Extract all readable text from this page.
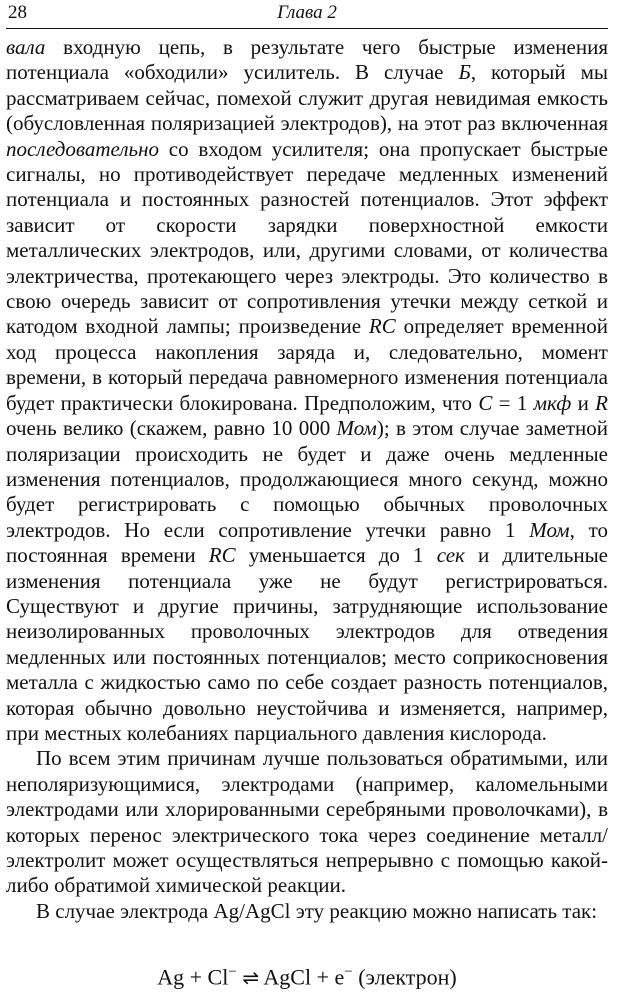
28	Глава 2

вала входную цепь, в результате чего быстрые изменения потенциала «обходили» усилитель. В случае Б, который мы рассматриваем сейчас, помехой служит другая невидимая емкость (обусловленная поляризацией электродов), на этот раз включенная последовательно со входом усилителя; она пропускает быстрые сигналы, но противодействует передаче медленных изменений потенциала и постоянных разностей потенциалов. Этот эффект зависит от скорости зарядки поверхностной емкости металлических электродов, или, другими словами, от количества электричества, протекающего через электроды. Это количество в свою очередь зависит от сопротивления утечки между сеткой и катодом входной лампы; произведение RC определяет временной ход процесса накопления заряда и, следовательно, момент времени, в который передача равномерного изменения потенциала будет практически блокирована. Предположим, что C = 1 мкф и R очень велико (скажем, равно 10 000 Мом); в этом случае заметной поляризации происходить не будет и даже очень медленные изменения потенциалов, продолжающиеся много секунд, можно будет регистрировать с помощью обычных проволочных электродов. Но если сопротивление утечки равно 1 Мом, то постоянная времени RC уменьшается до 1 сек и длительные изменения потенциала уже не будут регистрироваться. Существуют и другие причины, затрудняющие использование неизолированных проволочных электродов для отведения медленных или постоянных потенциалов; место соприкосновения металла с жидкостью само по себе создает разность потенциалов, которая обычно довольно неустойчива и изменяется, например, при местных колебаниях парциального давления кислорода.

По всем этим причинам лучше пользоваться обратимыми, или неполяризующимися, электродами (например, каломельными электродами или хлорированными серебряными проволочками), в которых перенос электрического тока через соединение металл/электролит может осуществляться непрерывно с помощью какой-либо обратимой химической реакции.

В случае электрода Ag/AgCl эту реакцию можно написать так:

Ag + Cl− ⇌ AgCl + e− (электрон)
